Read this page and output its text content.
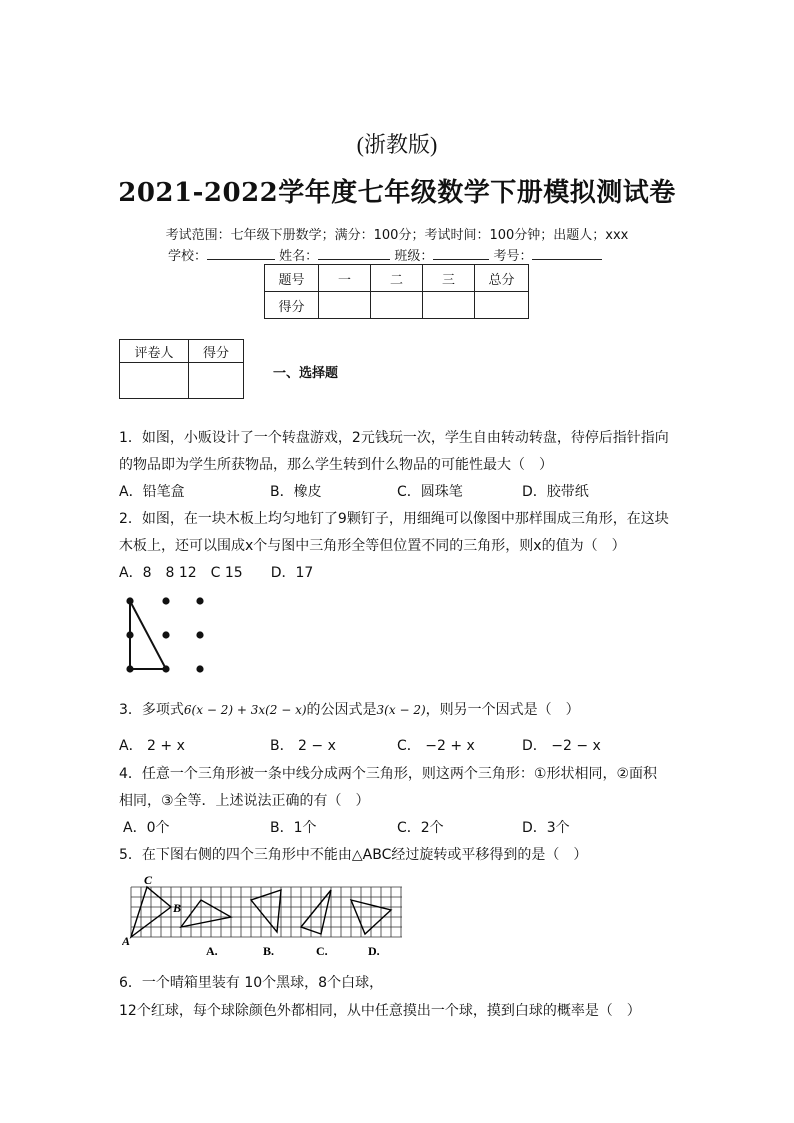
(浙教版)
2021-2022学年度七年级数学下册模拟测试卷
考试范围：七年级下册数学；满分：100分；考试时间：100分钟；出题人；xxx
学校：	姓名：	班级：	考号：
题号	一	二	三	总分
得分				
评卷人	得分

一、选择题
1．如图，小贩设计了一个转盘游戏，2元钱玩一次，学生自由转动转盘，待停后指针指向
的物品即为学生所获物品，那么学生转到什么物品的可能性最大（　）
A．铅笔盒	B．橡皮	C．圆珠笔	D．胶带纸
2．如图，在一块木板上均匀地钉了9颗钉子，用细绳可以像图中那样围成三角形，在这块
木板上，还可以围成x个与图中三角形全等但位置不同的三角形，则x的值为（　）
A．8　8 12　C 15　　D．17
3．多项式6(x − 2) + 3x(2 − x)的公因式是3(x − 2)，则另一个因式是（　）
A． 2 + x	B． 2 − x	C． −2 + x	D． −2 − x
4．任意一个三角形被一条中线分成两个三角形，则这两个三角形：①形状相同，②面积
相同，③全等．上述说法正确的有（　）
A．0个	B．1个	C．2个	D．3个
5．在下图右侧的四个三角形中不能由△ABC经过旋转或平移得到的是（　）
C
B
A
A.	B.	C.	D.
6．一个晴箱里装有 10个黑球，8个白球，
12个红球，每个球除颜色外都相同，从中任意摸出一个球，摸到白球的概率是（　）
